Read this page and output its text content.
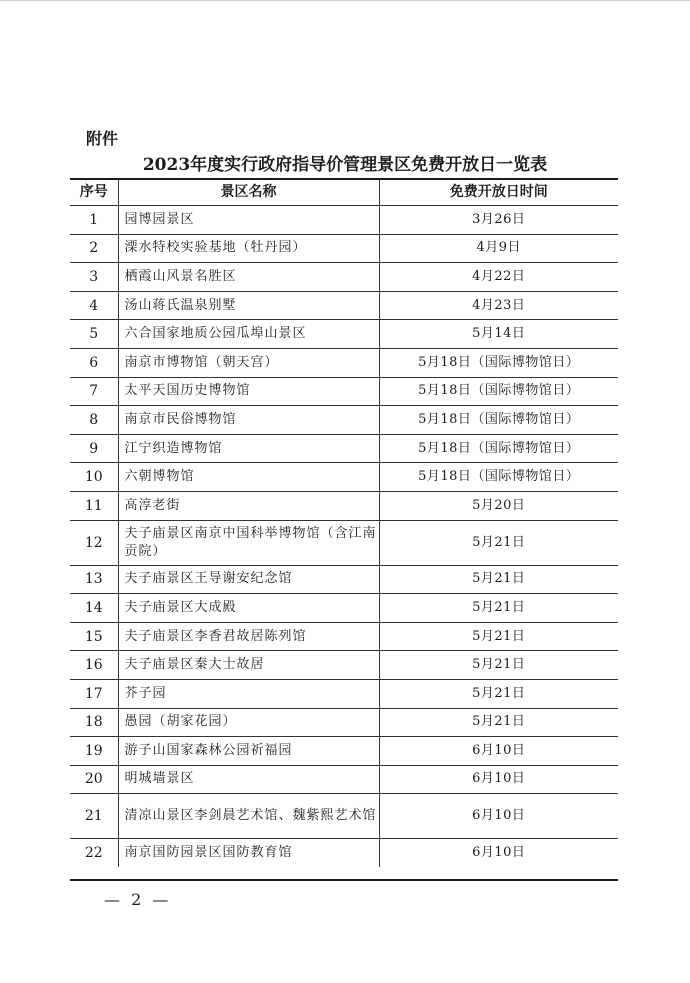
附件
2023年度实行政府指导价管理景区免费开放日一览表
序号	景区名称	免费开放日时间
1	园博园景区	3月26日
2	溧水特校实验基地（牡丹园）	4月9日
3	栖霞山风景名胜区	4月22日
4	汤山蒋氏温泉别墅	4月23日
5	六合国家地质公园瓜埠山景区	5月14日
6	南京市博物馆（朝天宫）	5月18日（国际博物馆日）
7	太平天国历史博物馆	5月18日（国际博物馆日）
8	南京市民俗博物馆	5月18日（国际博物馆日）
9	江宁织造博物馆	5月18日（国际博物馆日）
10	六朝博物馆	5月18日（国际博物馆日）
11	高淳老街	5月20日
12	夫子庙景区南京中国科举博物馆（含江南贡院）	5月21日
13	夫子庙景区王导谢安纪念馆	5月21日
14	夫子庙景区大成殿	5月21日
15	夫子庙景区李香君故居陈列馆	5月21日
16	夫子庙景区秦大士故居	5月21日
17	芥子园	5月21日
18	愚园（胡家花园）	5月21日
19	游子山国家森林公园祈福园	6月10日
20	明城墙景区	6月10日
21	清凉山景区李剑晨艺术馆、魏紫熙艺术馆	6月10日
22	南京国防园景区国防教育馆	6月10日
— 2 —
